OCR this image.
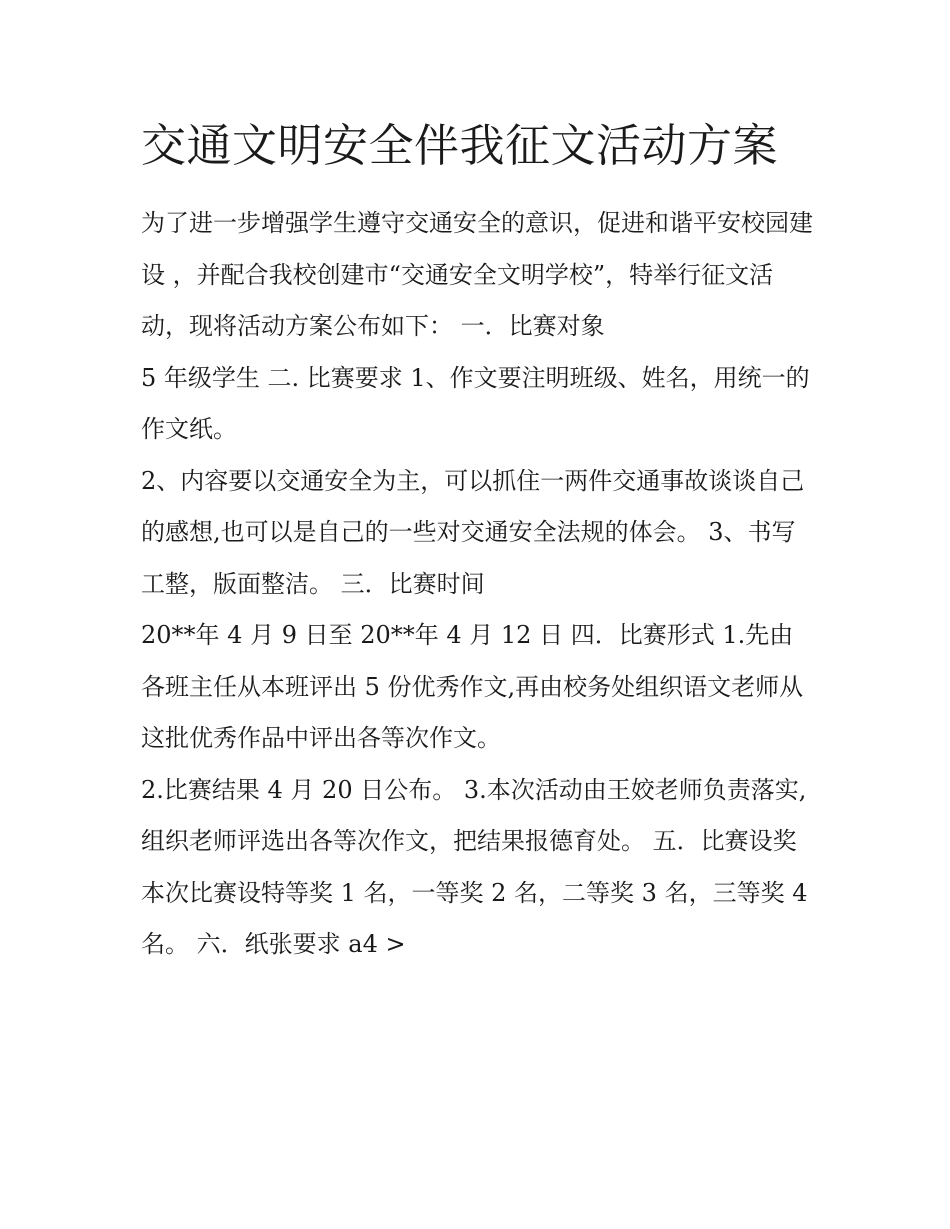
交通文明安全伴我征文活动方案

为了进一步增强学生遵守交通安全的意识，促进和谐平安校园建设 ，并配合我校创建市“交通安全文明学校”，特举行征文活动，现将活动方案公布如下： 一．比赛对象

5 年级学生 二. 比赛要求 1、作文要注明班级、姓名，用统一的作文纸。

2、内容要以交通安全为主，可以抓住一两件交通事故谈谈自己的感想,也可以是自己的一些对交通安全法规的体会。 3、书写工整，版面整洁。 三．比赛时间

20**年 4 月 9 日至 20**年 4 月 12 日 四．比赛形式 1.先由各班主任从本班评出 5 份优秀作文,再由校务处组织语文老师从这批优秀作品中评出各等次作文。

2.比赛结果 4 月 20 日公布。 3.本次活动由王姣老师负责落实,组织老师评选出各等次作文，把结果报德育处。 五．比赛设奖

本次比赛设特等奖 1 名，一等奖 2 名，二等奖 3 名，三等奖 4 名。 六．纸张要求 a4 >
